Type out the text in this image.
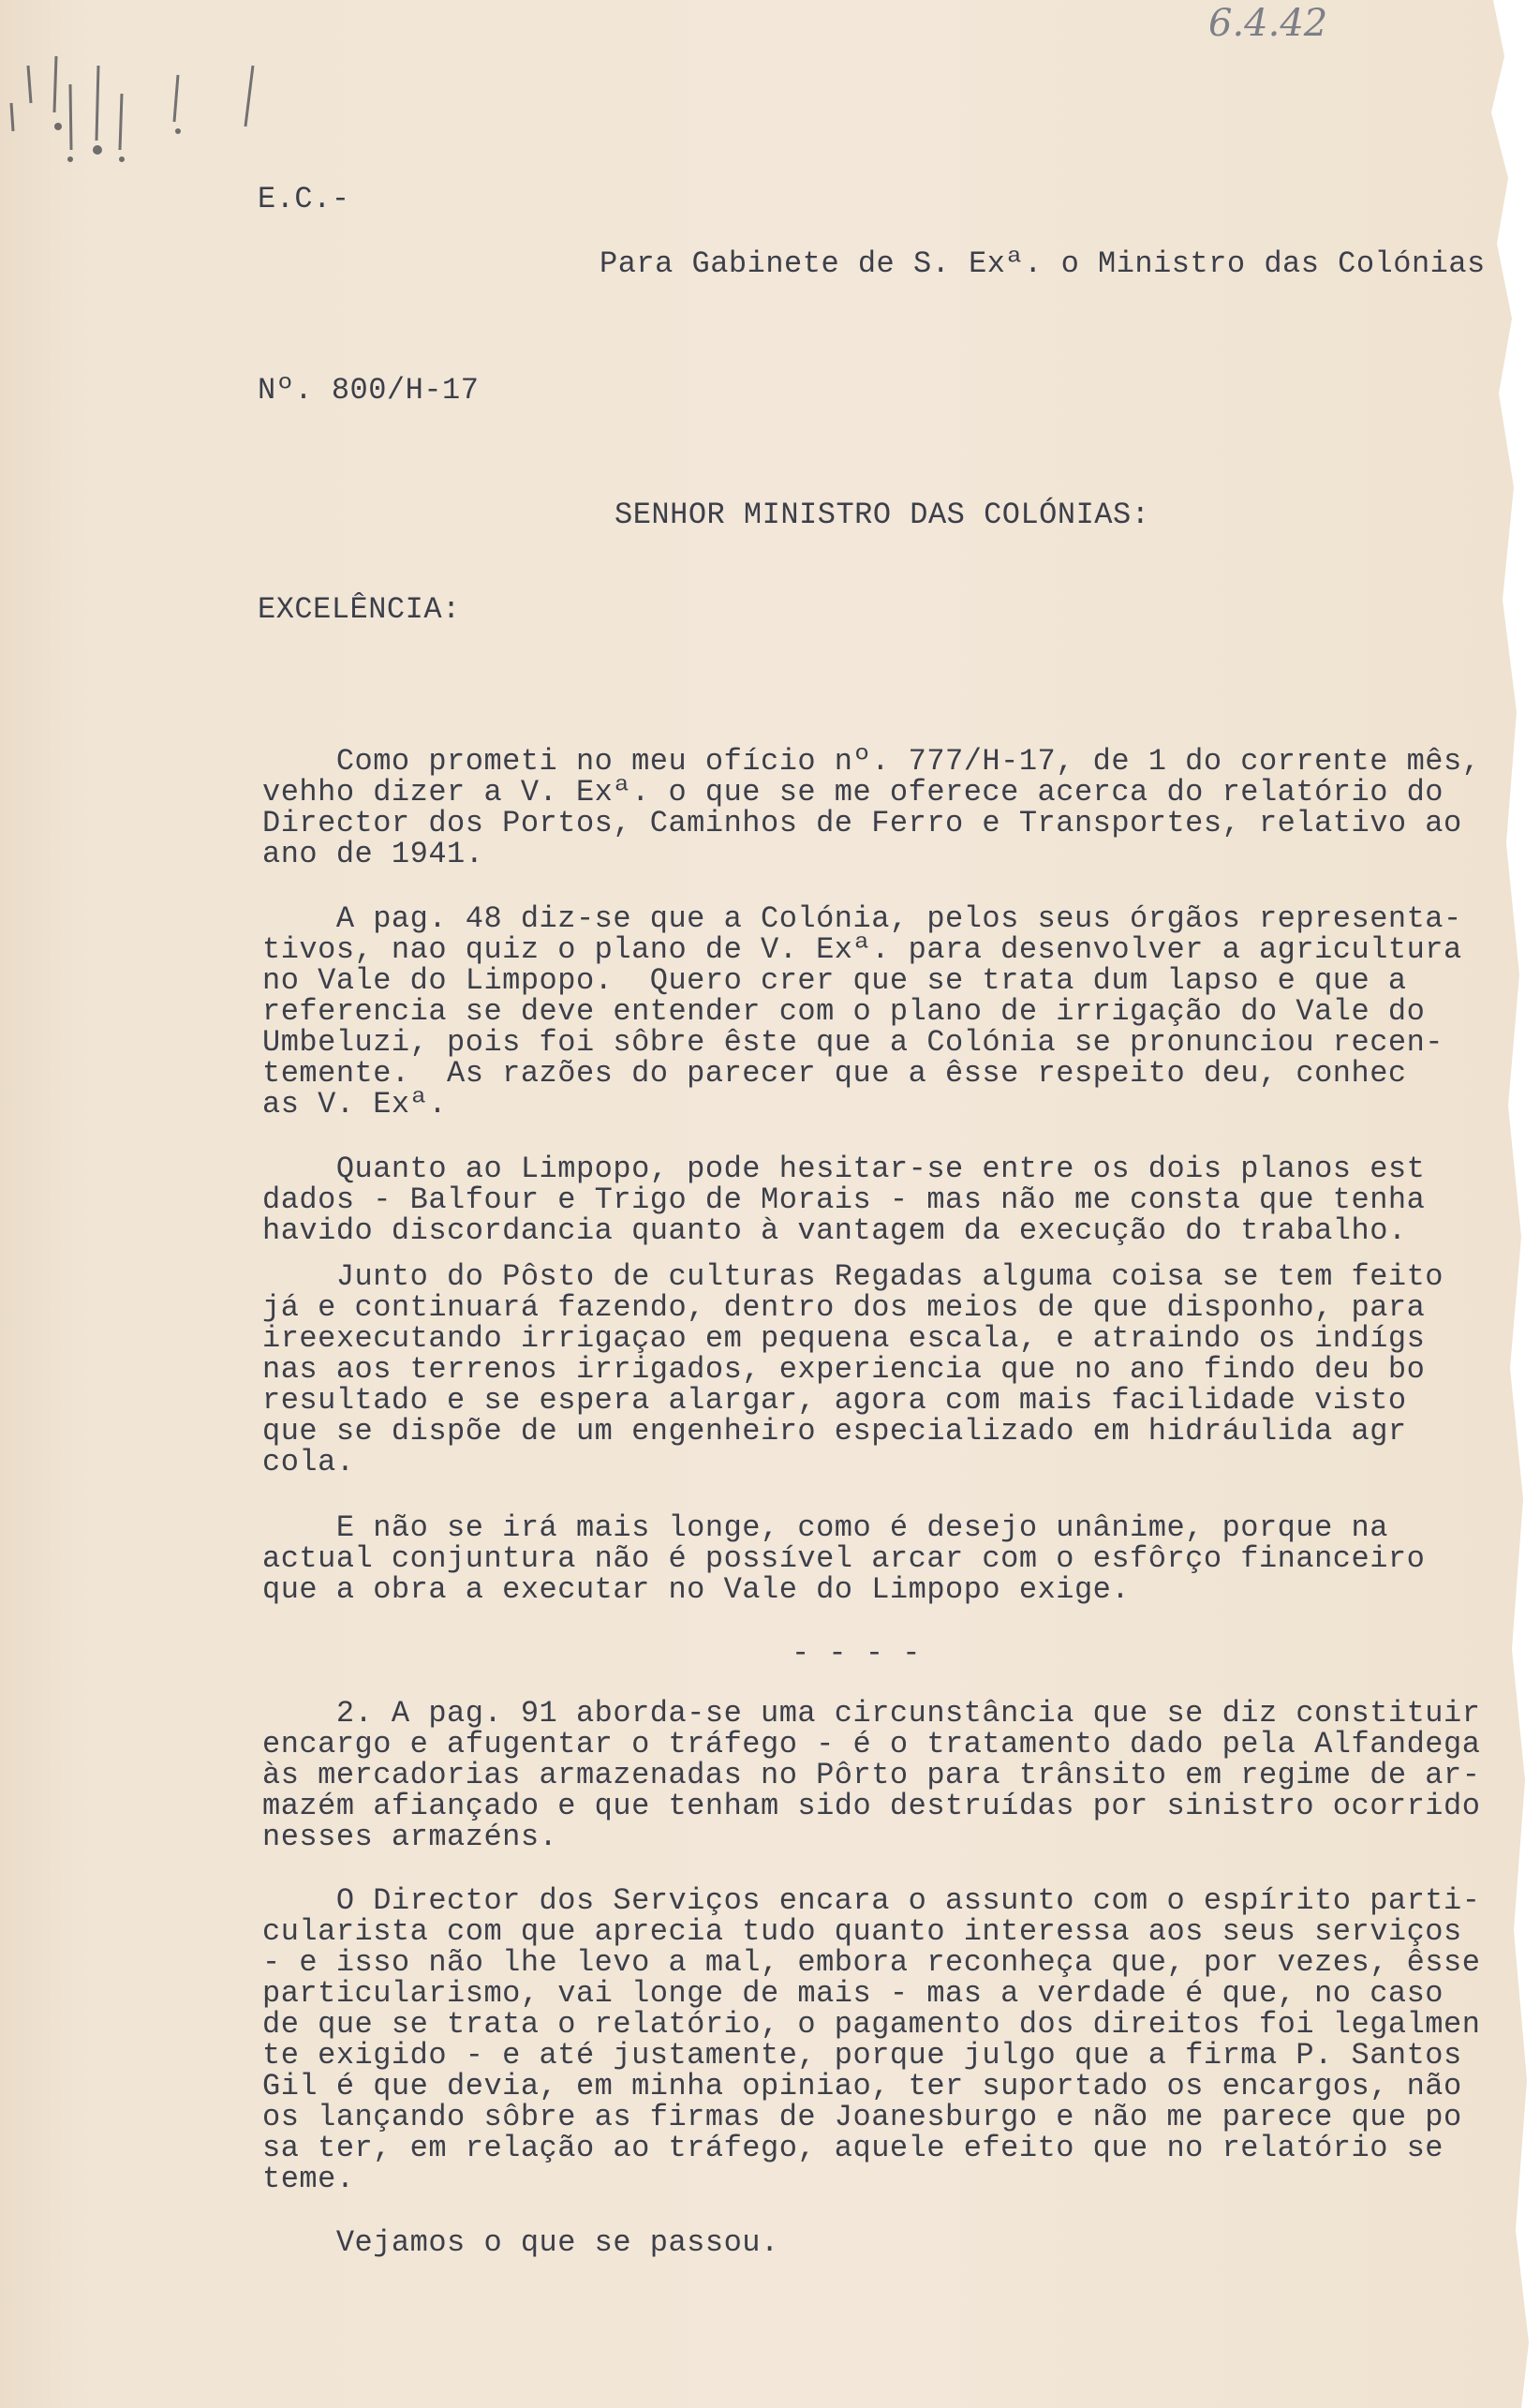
6.4.42
E.C.-
Para Gabinete de S. Exª. o Ministro das Colónias
Nº. 800/H-17
SENHOR MINISTRO DAS COLÓNIAS:
EXCELÊNCIA:
Como prometi no meu ofício nº. 777/H-17, de 1 do corrente mês,
vehho dizer a V. Exª. o que se me oferece acerca do relatório do
Director dos Portos, Caminhos de Ferro e Transportes, relativo ao
ano de 1941.
A pag. 48 diz-se que a Colónia, pelos seus órgãos representa-
tivos, nao quiz o plano de V. Exª. para desenvolver a agricultura
no Vale do Limpopo.  Quero crer que se trata dum lapso e que a
referencia se deve entender com o plano de irrigação do Vale do
Umbeluzi, pois foi sôbre êste que a Colónia se pronunciou recen-
temente.  As razões do parecer que a êsse respeito deu, conhec
as V. Exª.
Quanto ao Limpopo, pode hesitar-se entre os dois planos est
dados - Balfour e Trigo de Morais - mas não me consta que tenha
havido discordancia quanto à vantagem da execução do trabalho.
Junto do Pôsto de culturas Regadas alguma coisa se tem feito
já e continuará fazendo, dentro dos meios de que disponho, para
ireexecutando irrigaçao em pequena escala, e atraindo os indígs
nas aos terrenos irrigados, experiencia que no ano findo deu bo
resultado e se espera alargar, agora com mais facilidade visto
que se dispõe de um engenheiro especializado em hidráulida agr
cola.
E não se irá mais longe, como é desejo unânime, porque na
actual conjuntura não é possível arcar com o esfôrço financeiro
que a obra a executar no Vale do Limpopo exige.
- - - -
2. A pag. 91 aborda-se uma circunstância que se diz constituir
encargo e afugentar o tráfego - é o tratamento dado pela Alfandega
às mercadorias armazenadas no Pôrto para trânsito em regime de ar-
mazém afiançado e que tenham sido destruídas por sinistro ocorrido
nesses armazéns.
O Director dos Serviços encara o assunto com o espírito parti-
cularista com que aprecia tudo quanto interessa aos seus serviços
- e isso não lhe levo a mal, embora reconheça que, por vezes, êsse
particularismo, vai longe de mais - mas a verdade é que, no caso
de que se trata o relatório, o pagamento dos direitos foi legalmen
te exigido - e até justamente, porque julgo que a firma P. Santos
Gil é que devia, em minha opiniao, ter suportado os encargos, não
os lançando sôbre as firmas de Joanesburgo e não me parece que po
sa ter, em relação ao tráfego, aquele efeito que no relatório se
teme.
Vejamos o que se passou.
